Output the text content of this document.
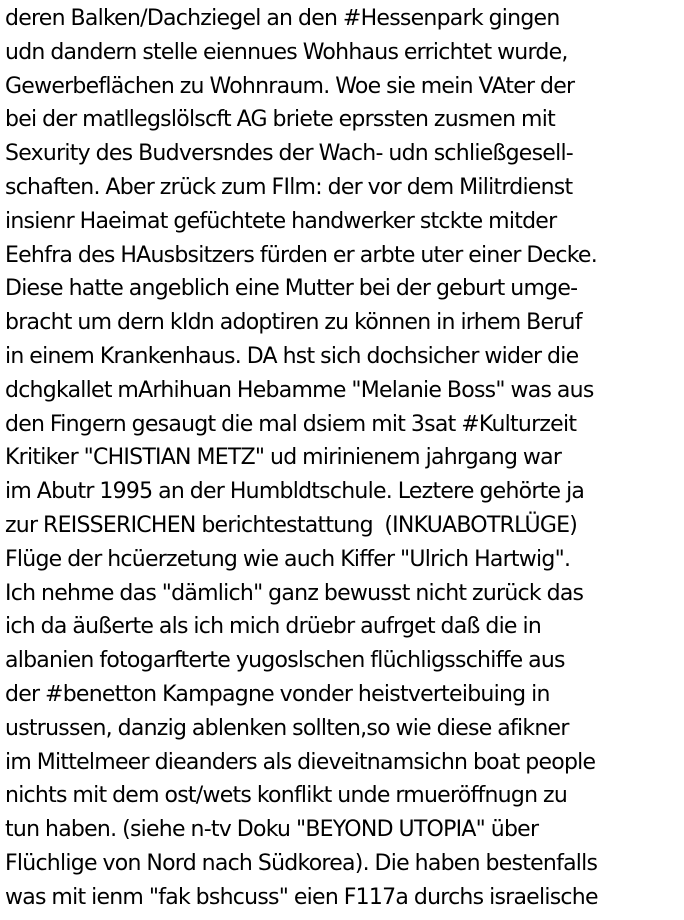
deren Balken/Dachziegel an den #Hessenpark gingen
udn dandern stelle eiennues Wohhaus errichtet wurde,
Gewerbeflächen zu Wohnraum. Woe sie mein VAter der
bei der matllegslölscft AG briete eprssten zusmen mit
Sexurity des Budversndes der Wach- udn schließgesell-
schaften. Aber zrück zum FIlm: der vor dem Militrdienst
insienr Haeimat gefüchtete handwerker stckte mitder
Eehfra des HAusbsitzers fürden er arbte uter einer Decke.
Diese hatte angeblich eine Mutter bei der geburt umge-
bracht um dern kIdn adoptiren zu können in irhem Beruf
in einem Krankenhaus. DA hst sich dochsicher wider die
dchgkallet mArhihuan Hebamme "Melanie Boss" was aus
den Fingern gesaugt die mal dsiem mit 3sat #Kulturzeit
Kritiker "CHISTIAN METZ" ud mirinienem jahrgang war
im Abutr 1995 an der Humbldtschule. Leztere gehörte ja
zur REISSERICHEN berichtestattung  (INKUABOTRLÜGE)
Flüge der hcüerzetung wie auch Kiffer "Ulrich Hartwig".
Ich nehme das "dämlich" ganz bewusst nicht zurück das
ich da äußerte als ich mich drüebr aufrget daß die in
albanien fotogarfterte yugoslschen flüchligsschiffe aus
der #benetton Kampagne vonder heistverteibuing in
ustrussen, danzig ablenken sollten,so wie diese afikner
im Mittelmeer dieanders als dieveitnamsichn boat people
nichts mit dem ost/wets konflikt unde rmueröffnugn zu
tun haben. (siehe n-tv Doku "BEYOND UTOPIA" über
Flüchlige von Nord nach Südkorea). Die haben bestenfalls
was mit ienm "fak bshcuss" eien F117a durchs israelische
